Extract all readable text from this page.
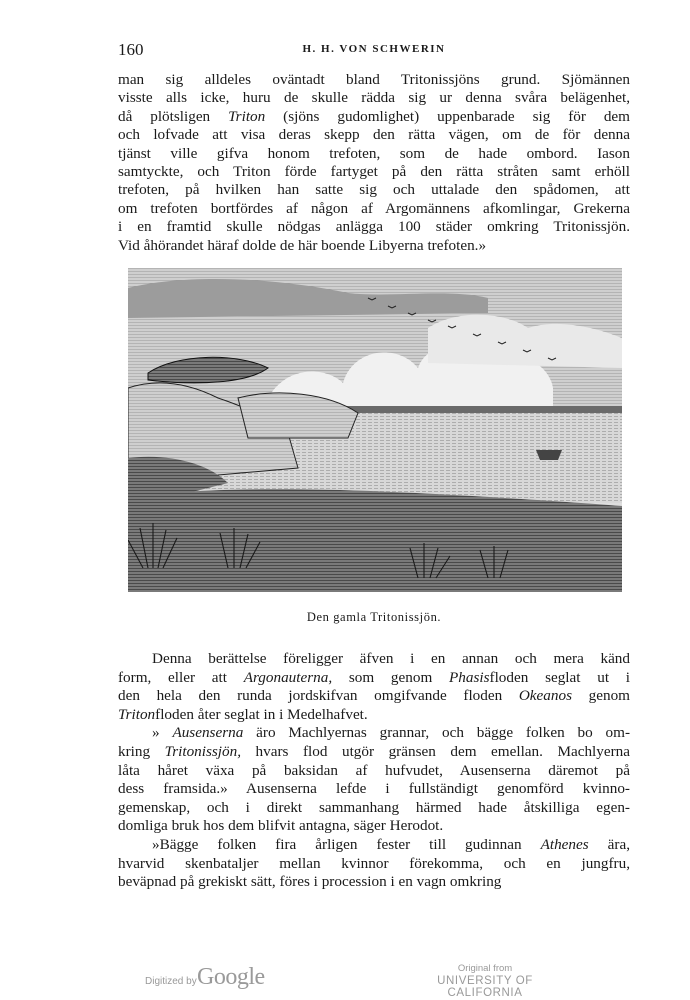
160	H. H. VON SCHWERIN
man sig alldeles oväntadt bland Tritonissjöns grund. Sjömännen
visste alls icke, huru de skulle rädda sig ur denna svåra belägenhet,
då plötsligen Triton (sjöns gudomlighet) uppenbarade sig för dem
och lofvade att visa deras skepp den rätta vägen, om de för denna
tjänst ville gifva honom trefoten, som de hade ombord. Iason
samtyckte, och Triton förde fartyget på den rätta stråten samt erhöll
trefoten, på hvilken han satte sig och uttalade den spådomen, att
om trefoten bortfördes af någon af Argomännens afkomlingar, Grekerna
i en framtid skulle nödgas anlägga 100 städer omkring Tritonissjön.
Vid åhörandet häraf dolde de här boende Libyerna trefoten.»
Den gamla Tritonissjön.
Denna berättelse föreligger äfven i en annan och mera känd
form, eller att Argonauterna, som genom Phasisfloden seglat ut i
den hela den runda jordskifvan omgifvande floden Okeanos genom
Tritonfloden åter seglat in i Medelhafvet.
» Ausenserna äro Machlyernas grannar, och bägge folken bo om-
kring Tritonissjön, hvars flod utgör gränsen dem emellan. Machlyerna
låta håret växa på baksidan af hufvudet, Ausenserna däremot på
dess framsida.» Ausenserna lefde i fullständigt genomförd kvinno-
gemenskap, och i direkt sammanhang härmed hade åtskilliga egen-
domliga bruk hos dem blifvit antagna, säger Herodot.
»Bägge folken fira årligen fester till gudinnan Athenes ära,
hvarvid skenbataljer mellan kvinnor förekomma, och en jungfru,
beväpnad på grekiskt sätt, föres i procession i en vagn omkring
Digitized by Google	Original from
UNIVERSITY OF CALIFORNIA
